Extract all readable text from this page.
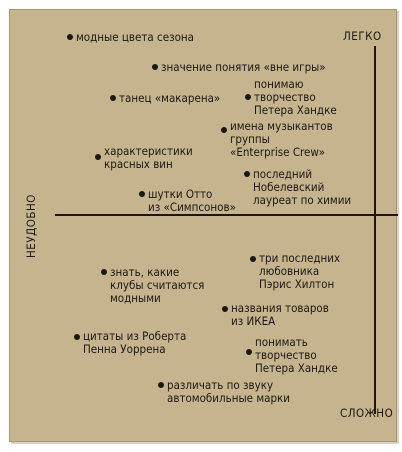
ЛЕГКО
СЛОЖНО
НЕУДОБНО
модные цвета сезона
значение понятия «вне игры»
танец «макарена»
понимаю
творчество
Петера Хандке
имена музыкантов
группы
«Enterprise Crew»
характеристики
красных вин
последний
Нобелевский
лауреат по химии
шутки Отто
из «Симпсонов»
три последних
любовника
Пэрис Хилтон
знать, какие
клубы считаются
модными
названия товаров
из ИКЕА
цитаты из Роберта
Пенна Уоррена	понимать
творчество
Петера Хандке
различать по звуку
автомобильные марки
